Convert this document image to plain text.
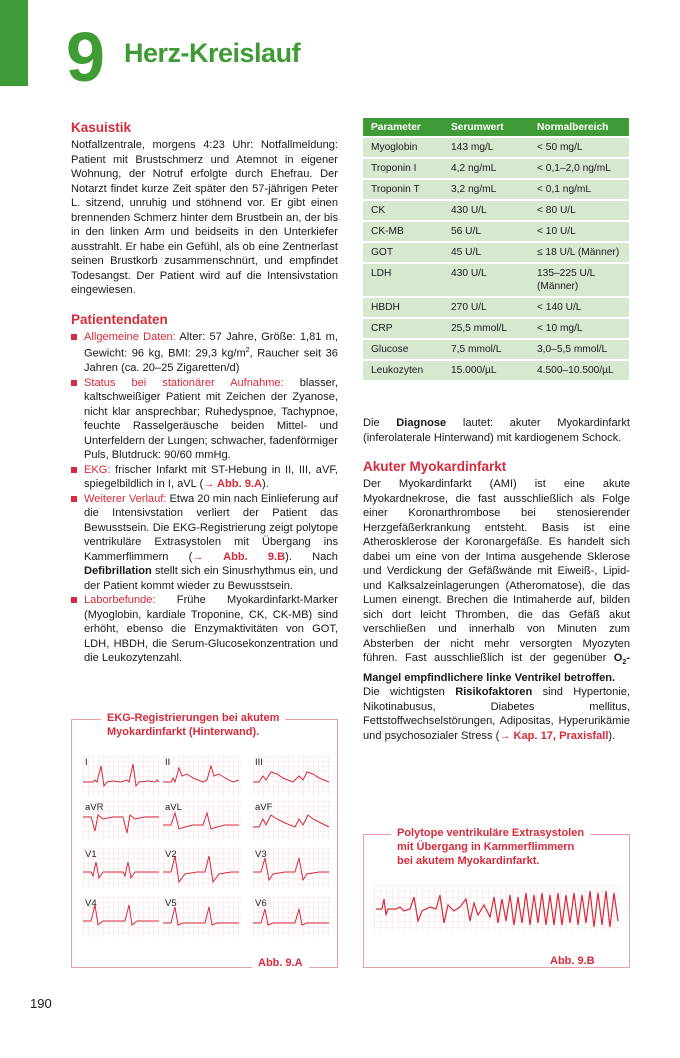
9 Herz-Kreislauf
Kasuistik

Notfallzentrale, morgens 4:23 Uhr: Notfallmeldung: Patient mit Brustschmerz und Atemnot in eigener Wohnung, der Notruf erfolgte durch Ehefrau. Der Notarzt findet kurze Zeit später den 57-jährigen Peter L. sitzend, unruhig und stöhnend vor. Er gibt einen brennenden Schmerz hinter dem Brustbein an, der bis in den linken Arm und beidseits in den Unterkiefer ausstrahlt. Er habe ein Gefühl, als ob eine Zentnerlast seinen Brustkorb zusammenschnürt, und empfindet Todesangst. Der Patient wird auf die Intensivstation eingewiesen.

Patientendaten
Allgemeine Daten: Alter: 57 Jahre, Größe: 1,81 m, Gewicht: 96 kg, BMI: 29,3 $kg/m^2$, Raucher seit 36 Jahren (ca. 20–25 Zigaretten/d)
Status bei stationärer Aufnahme: blasser, kaltschweißiger Patient mit Zeichen der Zyanose, nicht klar ansprechbar; Ruhedyspnoe, Tachypnoe, feuchte Rasselgeräusche beiden Mittel- und Unterfeldern der Lungen; schwacher, fadenförmiger Puls, Blutdruck: 90/60 mmHg.
EKG: frischer Infarkt mit ST-Hebung in II, III, aVF, spiegelbildlich in I, aVL (→ Abb. 9.A).
Weiterer Verlauf: Etwa 20 min nach Einlieferung auf die Intensivstation verliert der Patient das Bewusstsein. Die EKG-Registrierung zeigt polytope ventrikuläre Extrasystolen mit Übergang ins Kammerflimmern (→ Abb. 9.B). Nach Defibrillation stellt sich ein Sinusrhythmus ein, und der Patient kommt wieder zu Bewusstsein.
Laborbefunde: Frühe Myokardinfarkt-Marker (Myoglobin, kardiale Troponine, CK, CK-MB) sind erhöht, ebenso die Enzymaktivitäten von GOT, LDH, HBDH, die Serum-Glucosekonzentration und die Leukozytenzahl.
Parameter	Serumwert	Normalbereich
Myoglobin	143 mg/L	< 50 mg/L
Troponin I	4,2 ng/mL	< 0,1–2,0 ng/mL
Troponin T	3,2 ng/mL	< 0,1 ng/mL
CK	430 U/L	< 80 U/L
CK-MB	56 U/L	< 10 U/L
GOT	45 U/L	≤ 18 U/L (Männer)
LDH	430 U/L	135–225 U/L (Männer)
HBDH	270 U/L	< 140 U/L
CRP	25,5 mmol/L	< 10 mg/L
Glucose	7,5 mmol/L	3,0–5,5 mmol/L
Leukozyten	15.000/µL	4.500–10.500/µL

Die Diagnose lautet: akuter Myokardinfarkt (inferolaterale Hinterwand) mit kardiogenem Schock.

Akuter Myokardinfarkt

Der Myokardinfarkt (AMI) ist eine akute Myokardnekrose, die fast ausschließlich als Folge einer Koronarthrombose bei stenosierender Herzgefäßerkrankung entsteht. Basis ist eine Atherosklerose der Koronargefäße. Es handelt sich dabei um eine von der Intima ausgehende Sklerose und Verdickung der Gefäßwände mit Eiweiß-, Lipid- und Kalksalzeinlagerungen (Atheromatose), die das Lumen einengt. Brechen die Intimaherde auf, bilden sich dort leicht Thromben, die das Gefäß akut verschließen und innerhalb von Minuten zum Absterben der nicht mehr versorgten Myozyten führen. Fast ausschließlich ist der gegenüber $O_2$-Mangel empfindlichere linke Ventrikel betroffen.

Die wichtigsten Risikofaktoren sind Hypertonie, Nikotinabusus, Diabetes mellitus, Fettstoffwechselstörungen, Adipositas, Hyperurikämie und psychosozialer Stress (→ Kap. 17, Praxisfall).

EKG-Registrierungen bei akutem
Myokardinfarkt (Hinterwand).
I	II	III
aVR	aVL	aVF
V1	V2	V3
V4	V5	V6
Abb. 9.A
Polytope ventrikuläre Extrasystolen
mit Übergang in Kammerflimmern
bei akutem Myokardinfarkt.
Abb. 9.B
190
